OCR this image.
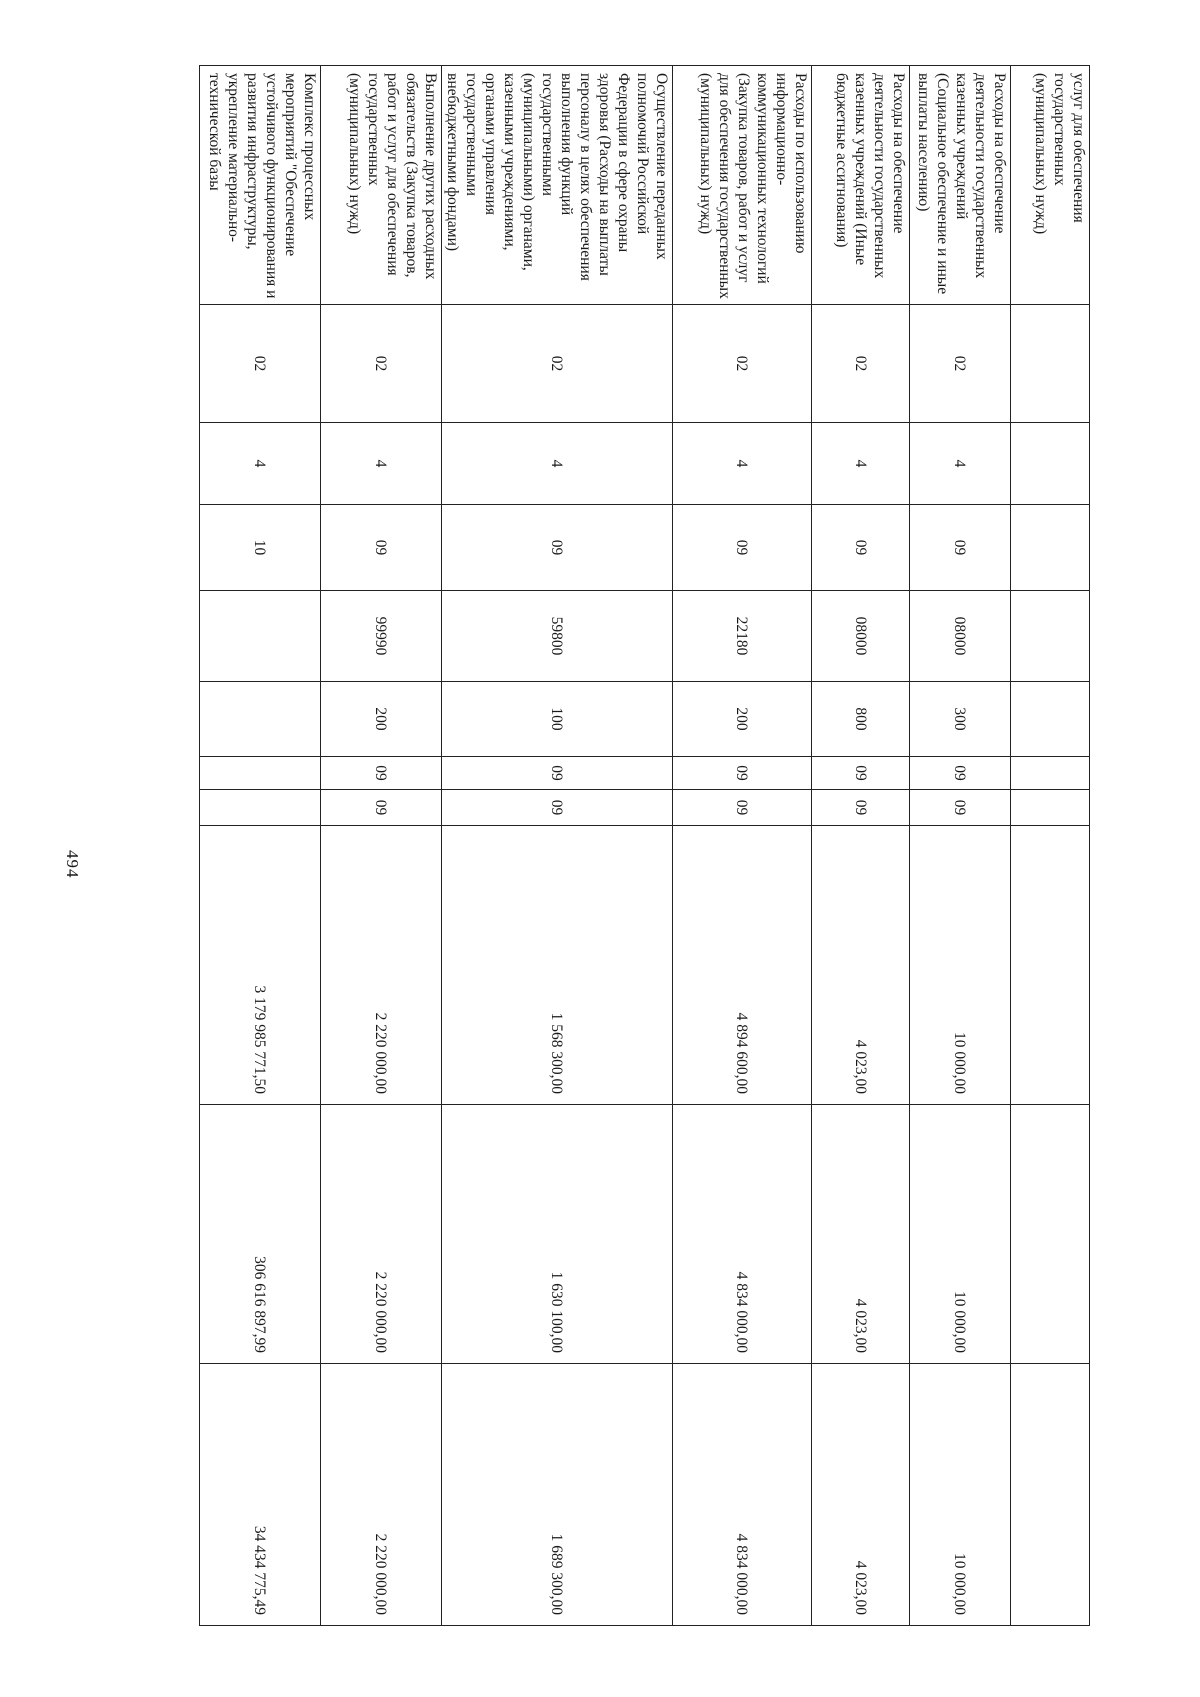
494
услуг для обеспечения государственных (муниципальных) нужд)										
Расходы на обеспечение деятельности государственных казенных учреждений (Социальное обеспечение и иные выплаты населению)	02	4	09	08000	300	09	09	10 000,00	10 000,00	10 000,00
Расходы на обеспечение деятельности государственных казенных учреждений (Иные бюджетные ассигнования)	02	4	09	08000	800	09	09	4 023,00	4 023,00	4 023,00
Расходы по использованию информационно-коммуникационных технологий (Закупка товаров, работ и услуг для обеспечения государственных (муниципальных) нужд)	02	4	09	22180	200	09	09	4 894 600,00	4 834 000,00	4 834 000,00
Осуществление переданных полномочий Российской Федерации в сфере охраны здоровья (Расходы на выплаты персоналу в целях обеспечения выполнения функций государственными (муниципальными) органами, казенными учреждениями, органами управления государственными внебюджетными фондами)	02	4	09	59800	100	09	09	1 568 300,00	1 630 100,00	1 689 300,00
Выполнение других расходных обязательств (Закупка товаров, работ и услуг для обеспечения государственных (муниципальных) нужд)	02	4	09	99990	200	09	09	2 220 000,00	2 220 000,00	2 220 000,00
Комплекс процессных мероприятий "Обеспечение устойчивого функционирования и развития инфраструктуры, укрепление материально-технической базы	02	4	10					3 179 985 771,50	306 616 897,99	34 434 775,49
